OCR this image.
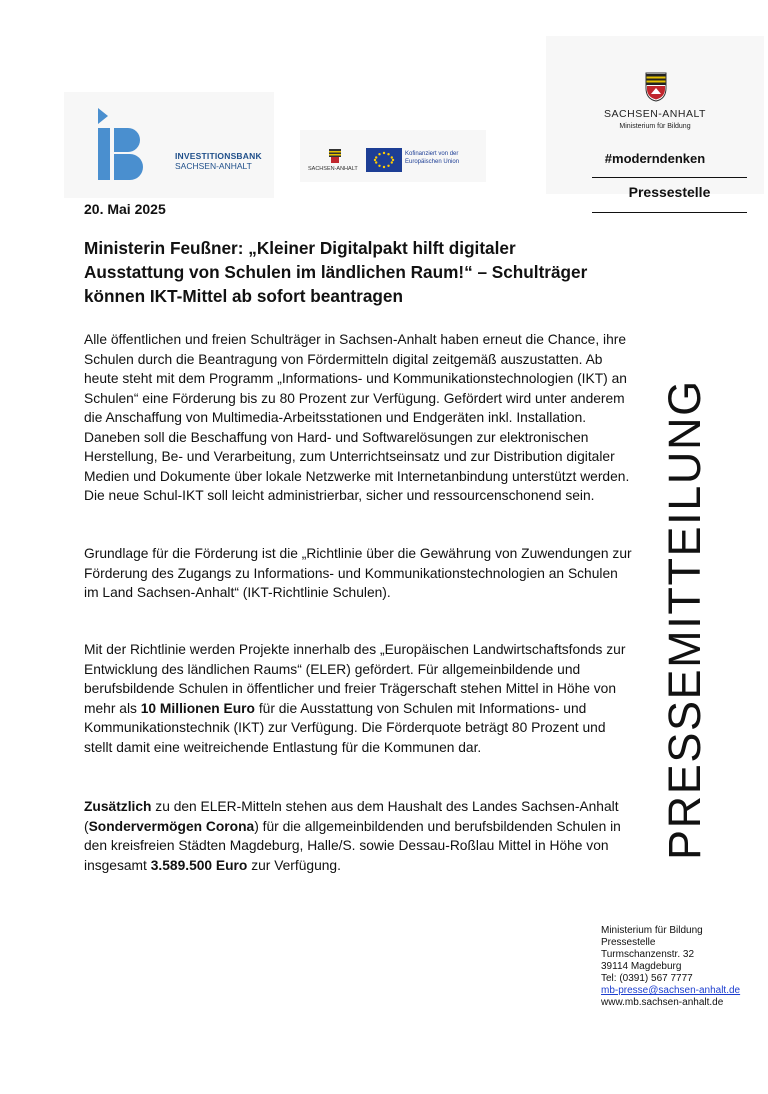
INVESTITIONSBANK
SACHSEN-ANHALT	SACHSEN-ANHALT
Kofinanziert von der
Europäischen Union
SACHSEN-ANHALT
Ministerium für Bildung
#moderndenken
Pressestelle
20. Mai 2025
Ministerin Feußner: „Kleiner Digitalpakt hilft digitaler Ausstattung von Schulen im ländlichen Raum!“ – Schulträger können IKT-Mittel ab sofort beantragen
Alle öffentlichen und freien Schulträger in Sachsen-Anhalt haben erneut die Chance, ihre Schulen durch die Beantragung von Fördermitteln digital zeitgemäß auszustatten. Ab heute steht mit dem Programm „Informations- und Kommunikationstechnologien (IKT) an Schulen“ eine Förderung bis zu 80 Prozent zur Verfügung. Gefördert wird unter anderem die Anschaffung von Multimedia-Arbeitsstationen und Endgeräten inkl. Installation. Daneben soll die Beschaffung von Hard- und Softwarelösungen zur elektronischen Herstellung, Be- und Verarbeitung, zum Unterrichtseinsatz und zur Distribution digitaler Medien und Dokumente über lokale Netzwerke mit Internetanbindung unterstützt werden. Die neue Schul-IKT soll leicht administrierbar, sicher und ressourcenschonend sein.
Grundlage für die Förderung ist die „Richtlinie über die Gewährung von Zuwendungen zur Förderung des Zugangs zu Informations- und Kommunikationstechnologien an Schulen im Land Sachsen-Anhalt“ (IKT-Richtlinie Schulen).
Mit der Richtlinie werden Projekte innerhalb des „Europäischen Landwirtschaftsfonds zur Entwicklung des ländlichen Raums“ (ELER) gefördert. Für allgemeinbildende und berufsbildende Schulen in öffentlicher und freier Trägerschaft stehen Mittel in Höhe von mehr als 10 Millionen Euro für die Ausstattung von Schulen mit Informations- und Kommunikationstechnik (IKT) zur Verfügung. Die Förderquote beträgt 80 Prozent und stellt damit eine weitreichende Entlastung für die Kommunen dar.
Zusätzlich zu den ELER-Mitteln stehen aus dem Haushalt des Landes Sachsen-Anhalt (Sondervermögen Corona) für die allgemeinbildenden und berufsbildenden Schulen in den kreisfreien Städten Magdeburg, Halle/S. sowie Dessau-Roßlau Mittel in Höhe von insgesamt 3.589.500 Euro zur Verfügung.
PRESSEMITTEILUNG
Ministerium für Bildung
Pressestelle
Turmschanzenstr. 32
39114 Magdeburg
Tel: (0391) 567 7777
mb-presse@sachsen-anhalt.de
www.mb.sachsen-anhalt.de
